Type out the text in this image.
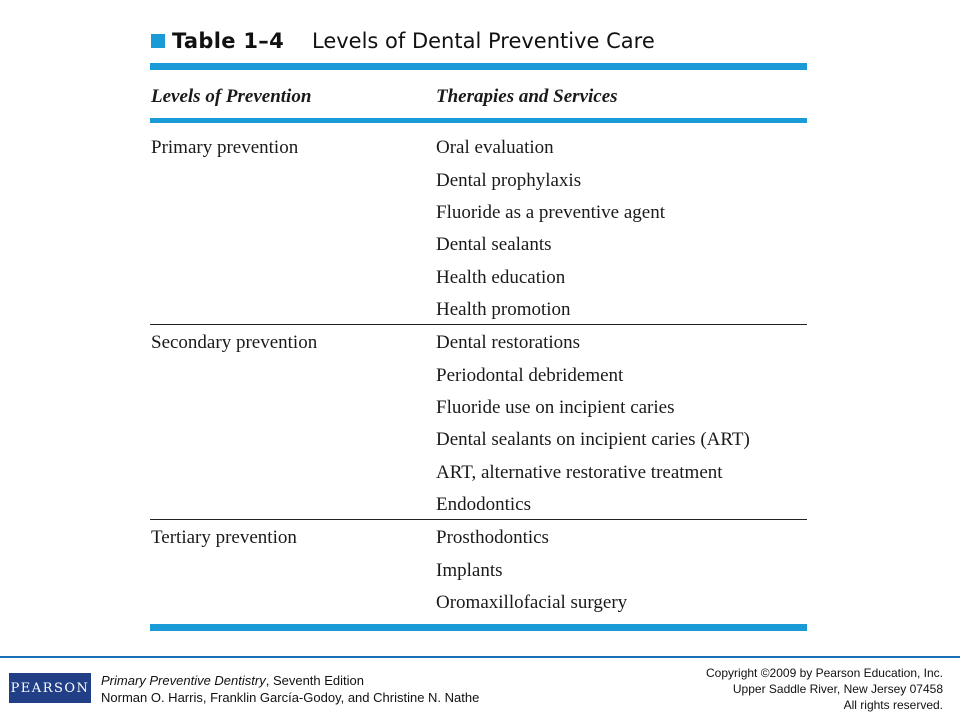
Table 1–4 Levels of Dental Preventive Care
Levels of Prevention	Therapies and Services
Primary prevention	Oral evaluation
Dental prophylaxis
Fluoride as a preventive agent
Dental sealants
Health education
Health promotion
Secondary prevention	Dental restorations
Periodontal debridement
Fluoride use on incipient caries
Dental sealants on incipient caries (ART)
ART, alternative restorative treatment
Endodontics
Tertiary prevention	Prosthodontics
Implants
Oromaxillofacial surgery
PEARSON Primary Preventive Dentistry, Seventh Edition
Norman O. Harris, Franklin García-Godoy, and Christine N. Nathe
Copyright ©2009 by Pearson Education, Inc.
Upper Saddle River, New Jersey 07458
All rights reserved.
